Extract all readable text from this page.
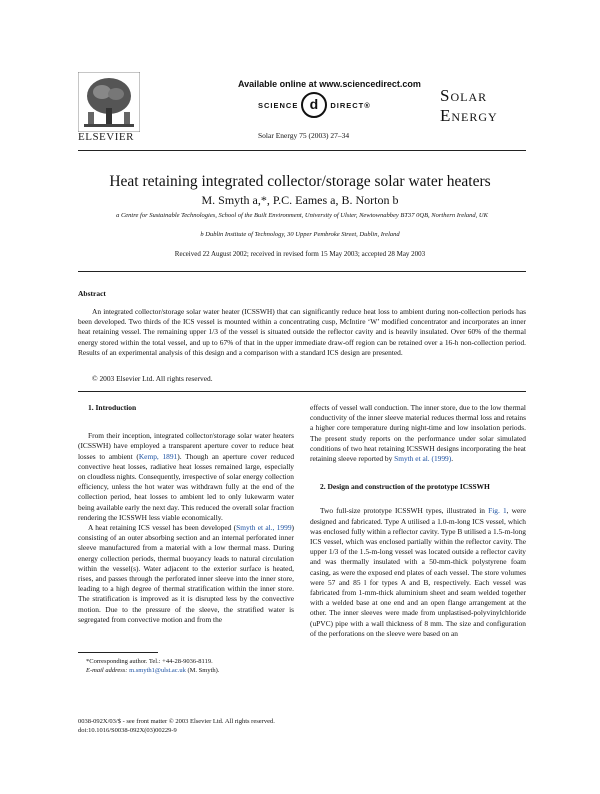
ELSEVIER
Available online at www.sciencedirect.com
SCIENCE d	DIRECT®
Solar Energy 75 (2003) 27–34
Solar
Energy
Heat retaining integrated collector/storage solar water heaters
M. Smyth a,*, P.C. Eames a, B. Norton b
a Centre for Sustainable Technologies, School of the Built Environment, University of Ulster, Newtownabbey BT37 0QB, Northern Ireland, UK
b Dublin Institute of Technology, 30 Upper Pembroke Street, Dublin, Ireland
Received 22 August 2002; received in revised form 15 May 2003; accepted 28 May 2003
Abstract
An integrated collector/storage solar water heater (ICSSWH) that can significantly reduce heat loss to ambient during non-collection periods has been developed. Two thirds of the ICS vessel is mounted within a concentrating cusp, McIntire ‘W’ modified concentrator and incorporates an inner heat retaining vessel. The remaining upper 1/3 of the vessel is situated outside the reflector cavity and is heavily insulated. Over 60% of the thermal energy stored within the total vessel, and up to 67% of that in the upper immediate draw-off region can be retained over a 16-h non-collection period. Results of an experimental analysis of this design and a comparison with a standard ICS design are presented.
© 2003 Elsevier Ltd. All rights reserved.

1. Introduction

From their inception, integrated collector/storage solar water heaters (ICSSWH) have employed a transparent aperture cover to reduce heat losses to ambient (Kemp, 1891). Though an aperture cover reduced convective heat losses, radiative heat losses remained large, especially on cloudless nights. Consequently, irrespective of solar energy collection efficiency, unless the hot water was withdrawn fully at the end of the collection period, heat losses to ambient led to only lukewarm water being available early the next day. This reduced the overall solar fraction rendering the ICSSWH less viable economically.

A heat retaining ICS vessel has been developed (Smyth et al., 1999) consisting of an outer absorbing section and an internal perforated inner sleeve manufactured from a material with a low thermal mass. During energy collection periods, thermal buoyancy leads to natural circulation within the vessel(s). Water adjacent to the exterior surface is heated, rises, and passes through the perforated inner sleeve into the inner store, leading to a high degree of thermal stratification within the inner store. The stratification is improved as it is disrupted less by the convective motion. Due to the pressure of the sleeve, the stratified water is segregated from convective motion and from the

effects of vessel wall conduction. The inner store, due to the low thermal conductivity of the inner sleeve material reduces thermal loss and retains a higher core temperature during night-time and low insolation periods. The present study reports on the performance under solar simulated conditions of two heat retaining ICSSWH designs incorporating the heat retaining sleeve reported by Smyth et al. (1999).

2. Design and construction of the prototype ICSSWH

Two full-size prototype ICSSWH types, illustrated in Fig. 1, were designed and fabricated. Type A utilised a 1.0-m-long ICS vessel, which was enclosed fully within a reflector cavity. Type B utilised a 1.5-m-long ICS vessel, which was enclosed partially within the reflector cavity. The upper 1/3 of the 1.5-m-long vessel was located outside a reflector cavity and was thermally insulated with a 50-mm-thick polystyrene foam casing, as were the exposed end plates of each vessel. The store volumes were 57 and 85 l for types A and B, respectively. Each vessel was fabricated from 1-mm-thick aluminium sheet and seam welded together with a welded base at one end and an open flange arrangement at the other. The inner sleeves were made from unplastised-polyvinylchloride (uPVC) pipe with a wall thickness of 8 mm. The size and configuration of the perforations on the sleeve were based on an

*Corresponding author. Tel.: +44-28-9036-8119.
E-mail address: m.smyth1@ulst.ac.uk (M. Smyth).
0038-092X/03/$ - see front matter © 2003 Elsevier Ltd. All rights reserved.
doi:10.1016/S0038-092X(03)00229-9
